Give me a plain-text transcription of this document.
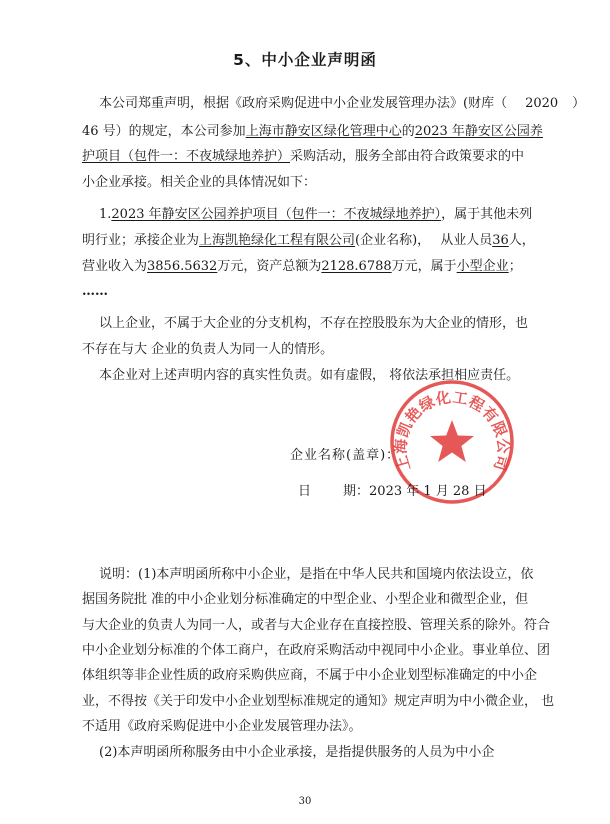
5、中小企业声明函
本公司郑重声明，根据《政府采购促进中小企业发展管理办法》(财库（ 2020 ）
46 号）的规定，本公司参加上海市静安区绿化管理中心的2023 年静安区公园养
护项目（包件一：不夜城绿地养护）采购活动，服务全部由符合政策要求的中
小企业承接。相关企业的具体情况如下：
1.2023 年静安区公园养护项目（包件一：不夜城绿地养护），属于其他未列
明行业；承接企业为上海凯艳绿化工程有限公司(企业名称)， 从业人员36人，
营业收入为3856.5632万元，资产总额为2128.6788万元，属于小型企业；
……
以上企业，不属于大企业的分支机构，不存在控股股东为大企业的情形，也
不存在与大 企业的负责人为同一人的情形。
本企业对上述声明内容的真实性负责。如有虚假， 将依法承担相应责任。
上海凯艳绿化工程有限公司
企业名称(盖章)：
日 期：2023 年 1 月 28 日
说明：(1)本声明函所称中小企业，是指在中华人民共和国境内依法设立，依
据国务院批 准的中小企业划分标准确定的中型企业、小型企业和微型企业，但
与大企业的负责人为同一人，或者与大企业存在直接控股、管理关系的除外。符合
中小企业划分标准的个体工商户，在政府采购活动中视同中小企业。事业单位、团
体组织等非企业性质的政府采购供应商，不属于中小企业划型标准确定的中小企
业，不得按《关于印发中小企业划型标准规定的通知》规定声明为中小微企业， 也
不适用《政府采购促进中小企业发展管理办法》。
(2)本声明函所称服务由中小企业承接，是指提供服务的人员为中小企
30
